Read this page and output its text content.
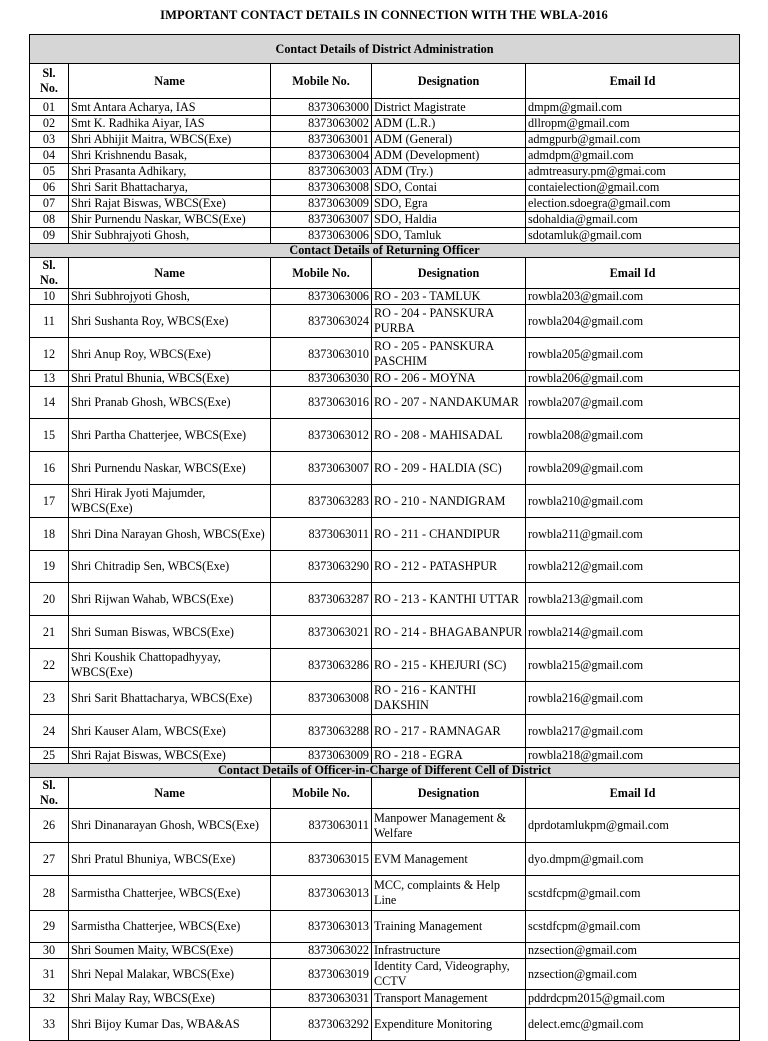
IMPORTANT CONTACT DETAILS IN CONNECTION WITH THE WBLA-2016
Contact Details of District Administration				
Sl. No.	Name	Mobile No.	Designation	Email Id
01	Smt Antara Acharya, IAS	8373063000	District Magistrate	dmpm@gmail.com
02	Smt K. Radhika Aiyar, IAS	8373063002	ADM (L.R.)	dllropm@gmail.com
03	Shri Abhijit Maitra, WBCS(Exe)	8373063001	ADM (General)	admgpurb@gmail.com
04	Shri Krishnendu Basak,	8373063004	ADM (Development)	admdpm@gmail.com
05	Shri Prasanta Adhikary,	8373063003	ADM (Try.)	admtreasury.pm@gmai.com
06	Shri Sarit Bhattacharya,	8373063008	SDO, Contai	contaielection@gmail.com
07	Shri Rajat Biswas, WBCS(Exe)	8373063009	SDO, Egra	election.sdoegra@gmail.com
08	Shir Purnendu Naskar, WBCS(Exe)	8373063007	SDO, Haldia	sdohaldia@gmail.com
09	Shir Subhrajyoti Ghosh,	8373063006	SDO, Tamluk	sdotamluk@gmail.com
Contact Details of Returning Officer				
Sl. No.	Name	Mobile No.	Designation	Email Id
10	Shri Subhrojyoti Ghosh,	8373063006	RO - 203 - TAMLUK	rowbla203@gmail.com
11	Shri Sushanta Roy, WBCS(Exe)	8373063024	RO - 204 - PANSKURA PURBA	rowbla204@gmail.com
12	Shri Anup Roy, WBCS(Exe)	8373063010	RO - 205 - PANSKURA PASCHIM	rowbla205@gmail.com
13	Shri Pratul Bhunia, WBCS(Exe)	8373063030	RO - 206 - MOYNA	rowbla206@gmail.com
14	Shri Pranab Ghosh, WBCS(Exe)	8373063016	RO - 207 - NANDAKUMAR	rowbla207@gmail.com
15	Shri Partha Chatterjee, WBCS(Exe)	8373063012	RO - 208 - MAHISADAL	rowbla208@gmail.com
16	Shri Purnendu Naskar, WBCS(Exe)	8373063007	RO - 209 - HALDIA (SC)	rowbla209@gmail.com
17	Shri Hirak Jyoti Majumder, WBCS(Exe)	8373063283	RO - 210 - NANDIGRAM	rowbla210@gmail.com
18	Shri Dina Narayan Ghosh, WBCS(Exe)	8373063011	RO - 211 - CHANDIPUR	rowbla211@gmail.com
19	Shri Chitradip Sen, WBCS(Exe)	8373063290	RO - 212 - PATASHPUR	rowbla212@gmail.com
20	Shri Rijwan Wahab, WBCS(Exe)	8373063287	RO - 213 - KANTHI UTTAR	rowbla213@gmail.com
21	Shri Suman Biswas, WBCS(Exe)	8373063021	RO - 214 - BHAGABANPUR	rowbla214@gmail.com
22	Shri Koushik Chattopadhyyay, WBCS(Exe)	8373063286	RO - 215 - KHEJURI (SC)	rowbla215@gmail.com
23	Shri Sarit Bhattacharya, WBCS(Exe)	8373063008	RO - 216 - KANTHI DAKSHIN	rowbla216@gmail.com
24	Shri Kauser Alam, WBCS(Exe)	8373063288	RO - 217 - RAMNAGAR	rowbla217@gmail.com
25	Shri Rajat Biswas, WBCS(Exe)	8373063009	RO - 218 - EGRA	rowbla218@gmail.com
Contact Details of Officer-in-Charge of Different Cell of District				
Sl. No.	Name	Mobile No.	Designation	Email Id
26	Shri Dinanarayan Ghosh, WBCS(Exe)	8373063011	Manpower Management & Welfare	dprdotamlukpm@gmail.com
27	Shri Pratul Bhuniya, WBCS(Exe)	8373063015	EVM Management	dyo.dmpm@gmail.com
28	Sarmistha Chatterjee, WBCS(Exe)	8373063013	MCC, complaints & Help Line	scstdfcpm@gmail.com
29	Sarmistha Chatterjee, WBCS(Exe)	8373063013	Training Management	scstdfcpm@gmail.com
30	Shri Soumen Maity, WBCS(Exe)	8373063022	Infrastructure	nzsection@gmail.com
31	Shri Nepal Malakar, WBCS(Exe)	8373063019	Identity Card, Videography, CCTV	nzsection@gmail.com
32	Shri Malay Ray, WBCS(Exe)	8373063031	Transport Management	pddrdcpm2015@gmail.com
33	Shri Bijoy Kumar Das, WBA&AS	8373063292	Expenditure Monitoring	delect.emc@gmail.com
